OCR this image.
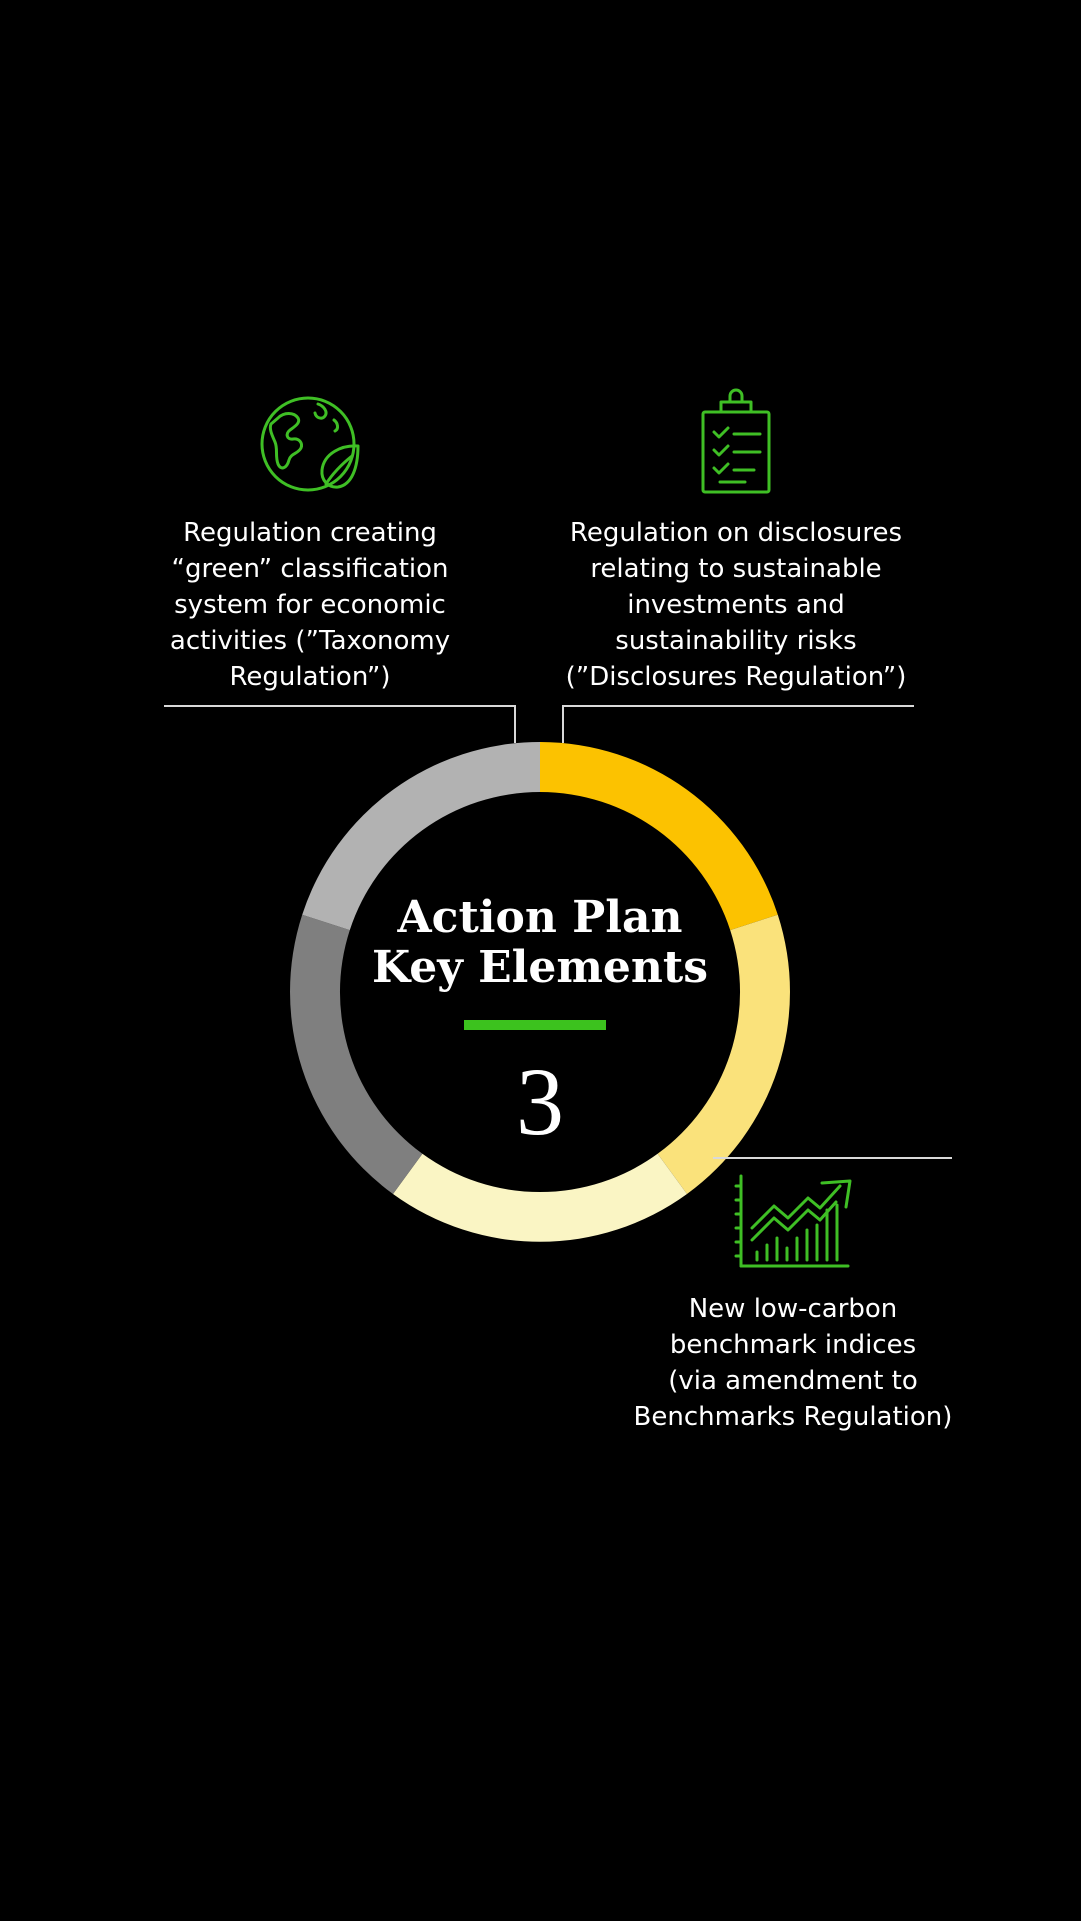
Action Plan
Key Elements
3
Regulation creating
“green” classification
system for economic
activities (”Taxonomy
Regulation”)
Regulation on disclosures
relating to sustainable
investments and
sustainability risks
(”Disclosures Regulation”)
New low-carbon
benchmark indices
(via amendment to
Benchmarks Regulation)
